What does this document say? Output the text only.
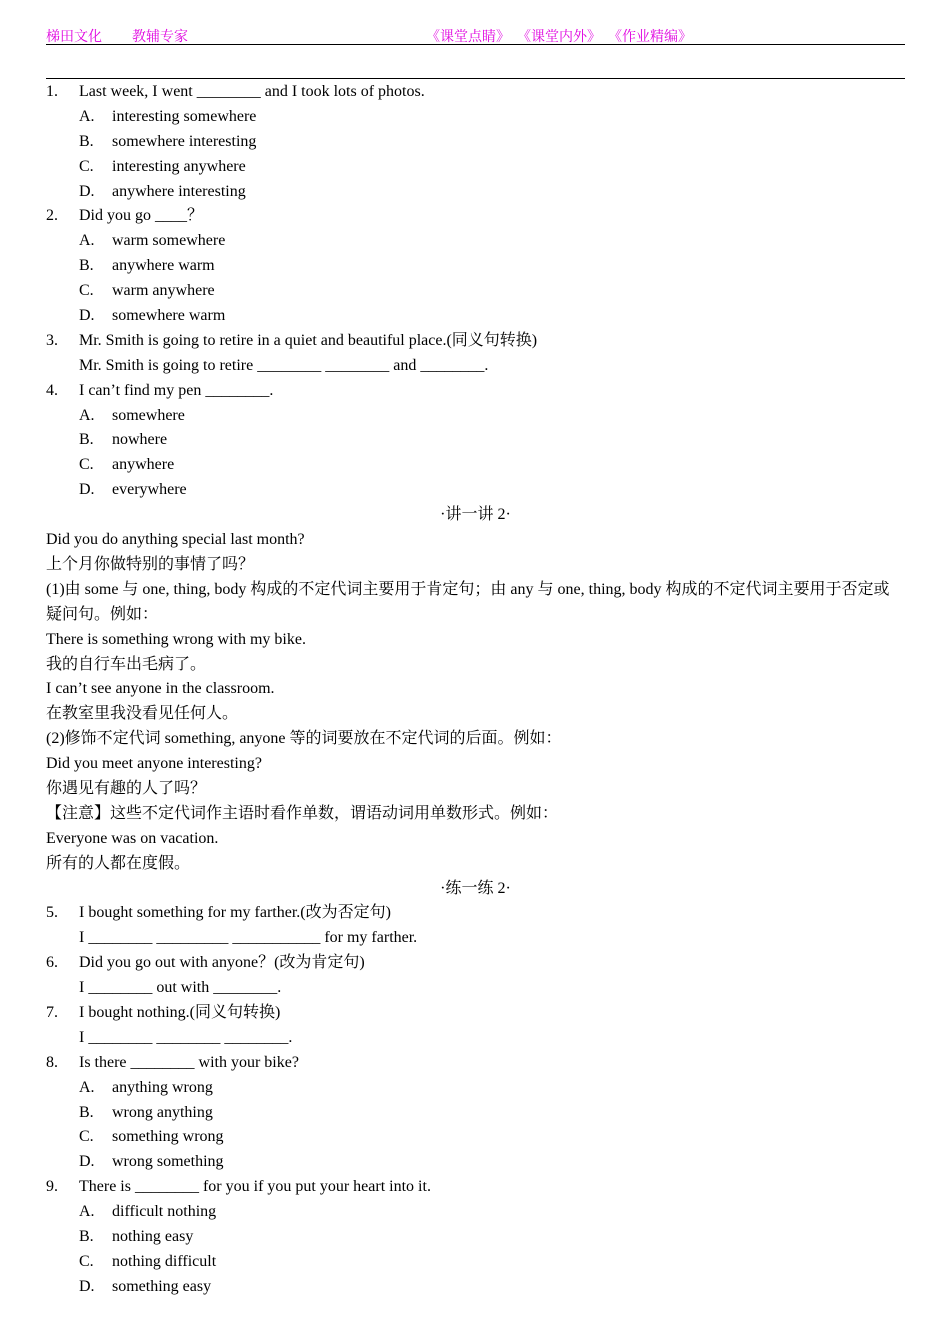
梯田文化 教辅专家	《课堂点睛》 《课堂内外》 《作业精编》
1. Last week, I went ________ and I took lots of photos.
A. interesting somewhere
B. somewhere interesting
C. interesting anywhere
D. anywhere interesting
2. Did you go ____？
A. warm somewhere
B. anywhere warm
C. warm anywhere
D. somewhere warm
3. Mr. Smith is going to retire in a quiet and beautiful place.(同义句转换)
Mr. Smith is going to retire ________ ________ and ________.
4. I can’t find my pen ________.
A. somewhere
B. nowhere
C. anywhere
D. everywhere
·讲一讲 2·
Did you do anything special last month?
上个月你做特别的事情了吗？
(1)由 some 与 one, thing, body 构成的不定代词主要用于肯定句；由 any 与 one, thing, body 构成的不定代词主要用于否定或疑问句。例如：
There is something wrong with my bike.
我的自行车出毛病了。
I can’t see anyone in the classroom.
在教室里我没看见任何人。
(2)修饰不定代词 something, anyone 等的词要放在不定代词的后面。例如：
Did you meet anyone interesting?
你遇见有趣的人了吗？
【注意】这些不定代词作主语时看作单数，谓语动词用单数形式。例如：
Everyone was on vacation.
所有的人都在度假。
·练一练 2·
5. I bought something for my farther.(改为否定句)
I ________ _________ ___________ for my farther.
6. Did you go out with anyone？(改为肯定句)
I ________ out with ________.
7. I bought nothing.(同义句转换)
I ________ ________ ________.
8. Is there ________ with your bike?
A. anything wrong
B. wrong anything
C. something wrong
D. wrong something
9. There is ________ for you if you put your heart into it.
A. difficult nothing
B. nothing easy
C. nothing difficult
D. something easy
